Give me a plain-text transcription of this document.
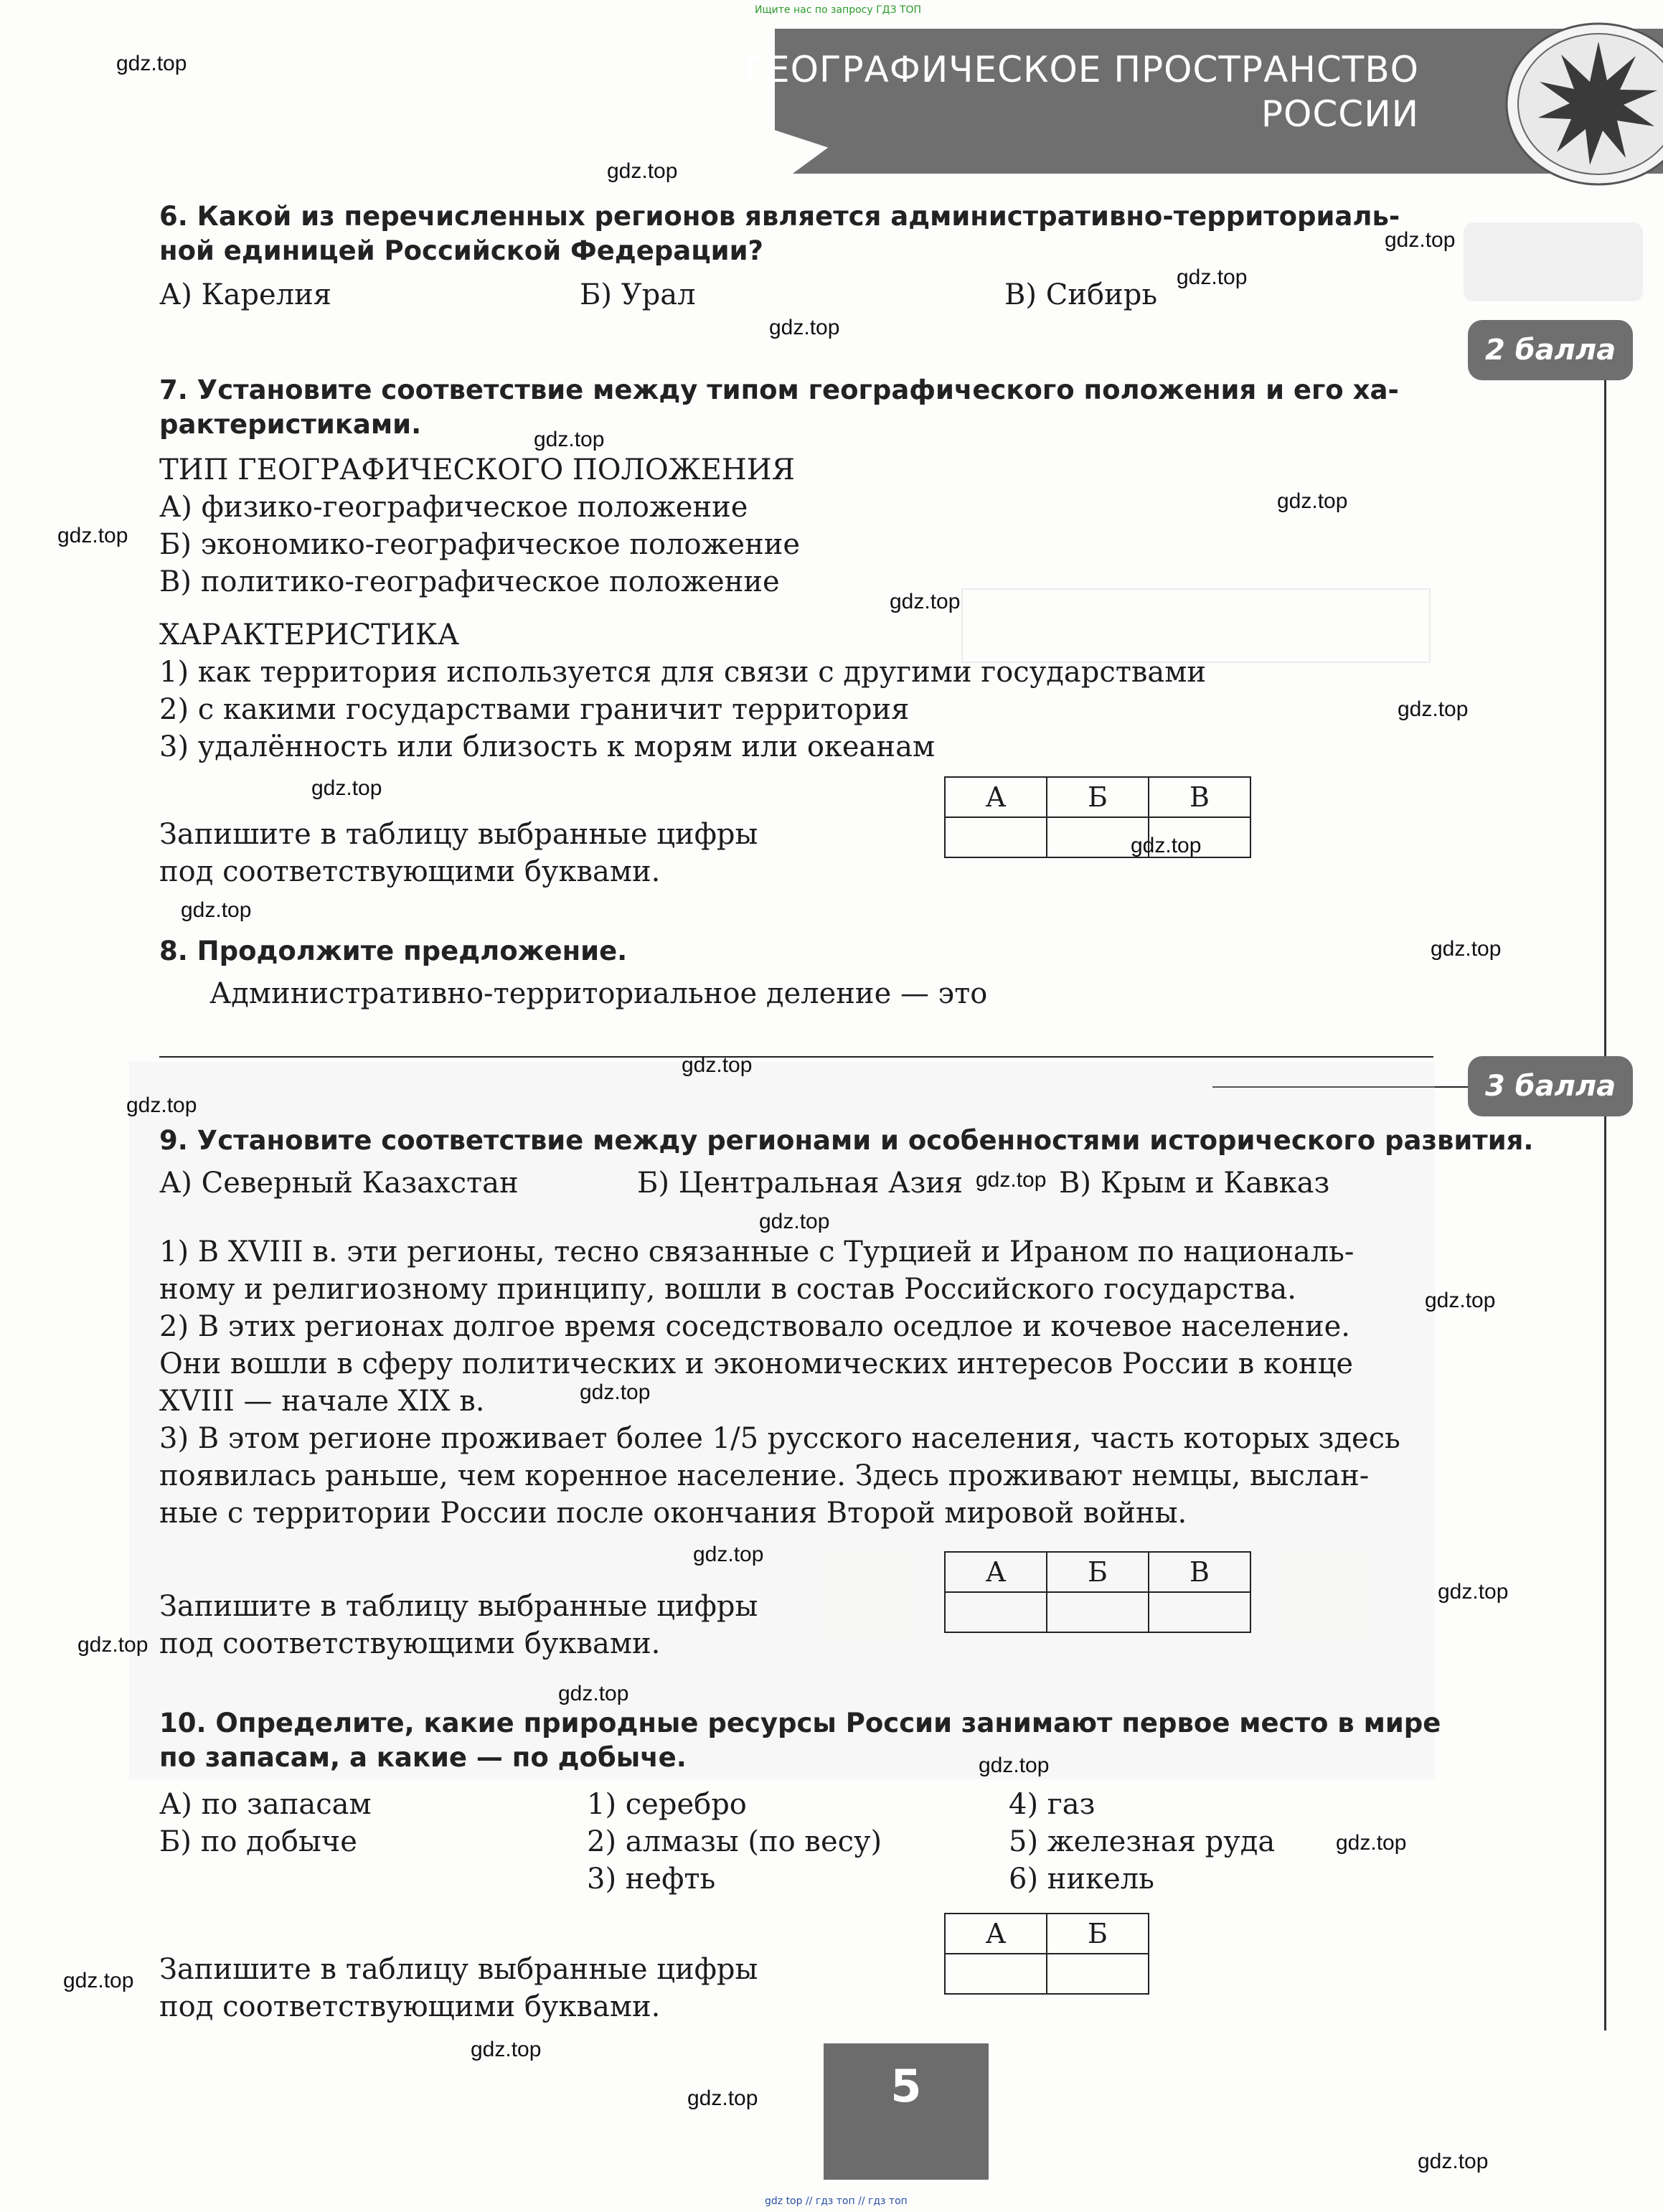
Ищите нас по запросу ГДЗ ТОП
ГЕОГРАФИЧЕСКОЕ ПРОСТРАНСТВО
РОССИИ
2 балла
3 балла
6. Какой из перечисленных регионов является административно-территориаль-
ной единицей Российской Федерации?
А) Карелия	Б) Урал	В) Сибирь
7. Установите соответствие между типом географического положения и его ха-
рактеристиками.
ТИП ГЕОГРАФИЧЕСКОГО ПОЛОЖЕНИЯ
А) физико-географическое положение
Б) экономико-географическое положение
В) политико-географическое положение
ХАРАКТЕРИСТИКА
1) как территория используется для связи с другими государствами
2) с какими государствами граничит территория
3) удалённость или близость к морям или океанам
Запишите в таблицу выбранные цифры
под соответствующими буквами.
А	Б	В

8. Продолжите предложение.
Административно-территориальное деление — это
9. Установите соответствие между регионами и особенностями исторического развития.
А) Северный Казахстан	Б) Центральная Азия	В) Крым и Кавказ
1) В XVIII в. эти регионы, тесно связанные с Турцией и Ираном по националь-
ному и религиозному принципу, вошли в состав Российского государства.
2) В этих регионах долгое время соседствовало оседлое и кочевое население.
Они вошли в сферу политических и экономических интересов России в конце
XVIII — начале XIX в.
3) В этом регионе проживает более 1/5 русского населения, часть которых здесь
появилась раньше, чем коренное население. Здесь проживают немцы, выслан-
ные с территории России после окончания Второй мировой войны.
Запишите в таблицу выбранные цифры
под соответствующими буквами.
А	Б	В

10. Определите, какие природные ресурсы России занимают первое место в мире
по запасам, а какие — по добыче.
А) по запасам
Б) по добыче
1) серебро
2) алмазы (по весу)
3) нефть
4) газ
5) железная руда
6) никель
Запишите в таблицу выбранные цифры
под соответствующими буквами.
А	Б

5
gdz.top
gdz.top
gdz.top
gdz.top
gdz.top
gdz.top
gdz.top
gdz.top
gdz.top
gdz.top
gdz.top
gdz.top
gdz.top
gdz.top
gdz.top
gdz.top
gdz.top
gdz.top
gdz.top
gdz.top
gdz.top
gdz.top
gdz.top
gdz.top
gdz.top
gdz.top
gdz.top
gdz.top
gdz.top
gdz.top
gdz top // гдз топ // гдз топ
